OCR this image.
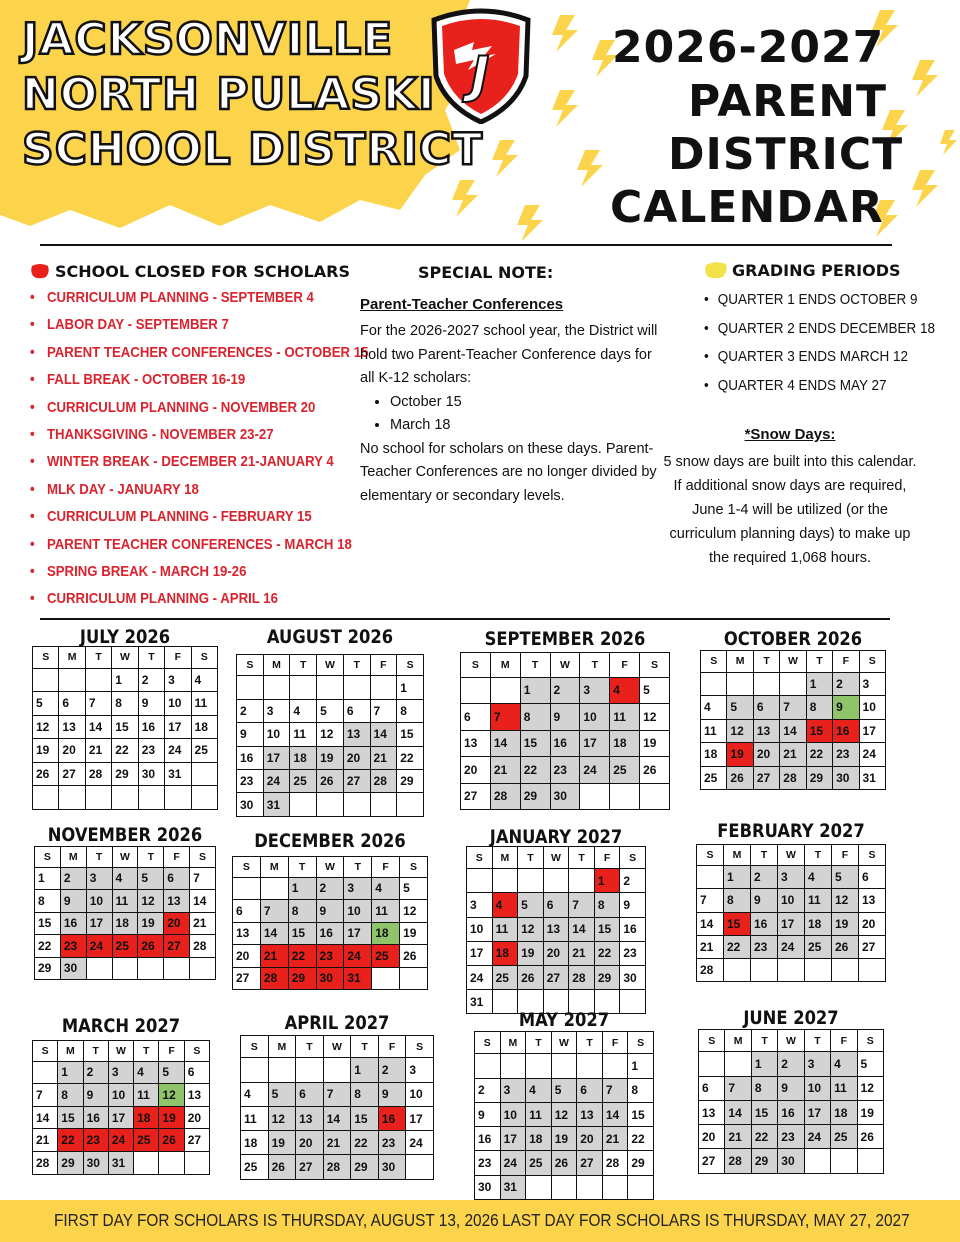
JACKSONVILLE
NORTH PULASKI
SCHOOL DISTRICT
J	2026-2027
PARENT
DISTRICT
CALENDAR
SCHOOL CLOSED FOR SCHOLARS
• CURRICULUM PLANNING - SEPTEMBER 4
• LABOR DAY - SEPTEMBER 7
• PARENT TEACHER CONFERENCES - OCTOBER 15
• FALL BREAK - OCTOBER 16-19
• CURRICULUM PLANNING - NOVEMBER 20
• THANKSGIVING - NOVEMBER 23-27
• WINTER BREAK - DECEMBER 21-JANUARY 4
• MLK DAY - JANUARY 18
• CURRICULUM PLANNING - FEBRUARY 15
• PARENT TEACHER CONFERENCES - MARCH 18
• SPRING BREAK - MARCH 19-26
• CURRICULUM PLANNING - APRIL 16
SPECIAL NOTE:
Parent-Teacher Conferences

For the 2026-2027 school year, the District will hold two Parent-Teacher Conference days for all K-12 scholars:

• October 15
• March 18

No school for scholars on these days. Parent-Teacher Conferences are no longer divided by elementary or secondary levels.

GRADING PERIODS
• QUARTER 1 ENDS OCTOBER 9
• QUARTER 2 ENDS DECEMBER 18
• QUARTER 3 ENDS MARCH 12
• QUARTER 4 ENDS MAY 27
*Snow Days:
5 snow days are built into this calendar. If additional snow days are required, June 1-4 will be utilized (or the curriculum planning days) to make up the required 1,068 hours.
JULY 2026
S	M	T	W	T	F	S
			1	2	3	4
5	6	7	8	9	10	11
12	13	14	15	16	17	18
19	20	21	22	23	24	25
26	27	28	29	30	31	

AUGUST 2026
S	M	T	W	T	F	S
						1
2	3	4	5	6	7	8
9	10	11	12	13	14	15
16	17	18	19	20	21	22
23	24	25	26	27	28	29
30	31					
SEPTEMBER 2026
S	M	T	W	T	F	S
		1	2	3	4	5
6	7	8	9	10	11	12
13	14	15	16	17	18	19
20	21	22	23	24	25	26
27	28	29	30			
OCTOBER 2026
S	M	T	W	T	F	S
				1	2	3
4	5	6	7	8	9	10
11	12	13	14	15	16	17
18	19	20	21	22	23	24
25	26	27	28	29	30	31
NOVEMBER 2026
S	M	T	W	T	F	S
1	2	3	4	5	6	7
8	9	10	11	12	13	14
15	16	17	18	19	20	21
22	23	24	25	26	27	28
29	30					
DECEMBER 2026
S	M	T	W	T	F	S
		1	2	3	4	5
6	7	8	9	10	11	12
13	14	15	16	17	18	19
20	21	22	23	24	25	26
27	28	29	30	31		
JANUARY 2027
S	M	T	W	T	F	S
					1	2
3	4	5	6	7	8	9
10	11	12	13	14	15	16
17	18	19	20	21	22	23
24	25	26	27	28	29	30
31						
FEBRUARY 2027
S	M	T	W	T	F	S
	1	2	3	4	5	6
7	8	9	10	11	12	13
14	15	16	17	18	19	20
21	22	23	24	25	26	27
28						
MARCH 2027
S	M	T	W	T	F	S
	1	2	3	4	5	6
7	8	9	10	11	12	13
14	15	16	17	18	19	20
21	22	23	24	25	26	27
28	29	30	31			
APRIL 2027
S	M	T	W	T	F	S
				1	2	3
4	5	6	7	8	9	10
11	12	13	14	15	16	17
18	19	20	21	22	23	24
25	26	27	28	29	30	
MAY 2027
S	M	T	W	T	F	S
						1
2	3	4	5	6	7	8
9	10	11	12	13	14	15
16	17	18	19	20	21	22
23	24	25	26	27	28	29
30	31					
JUNE 2027
S	M	T	W	T	F	S
		1	2	3	4	5
6	7	8	9	10	11	12
13	14	15	16	17	18	19
20	21	22	23	24	25	26
27	28	29	30			
FIRST DAY FOR SCHOLARS IS THURSDAY, AUGUST 13, 2026 LAST DAY FOR SCHOLARS IS THURSDAY, MAY 27, 2027
